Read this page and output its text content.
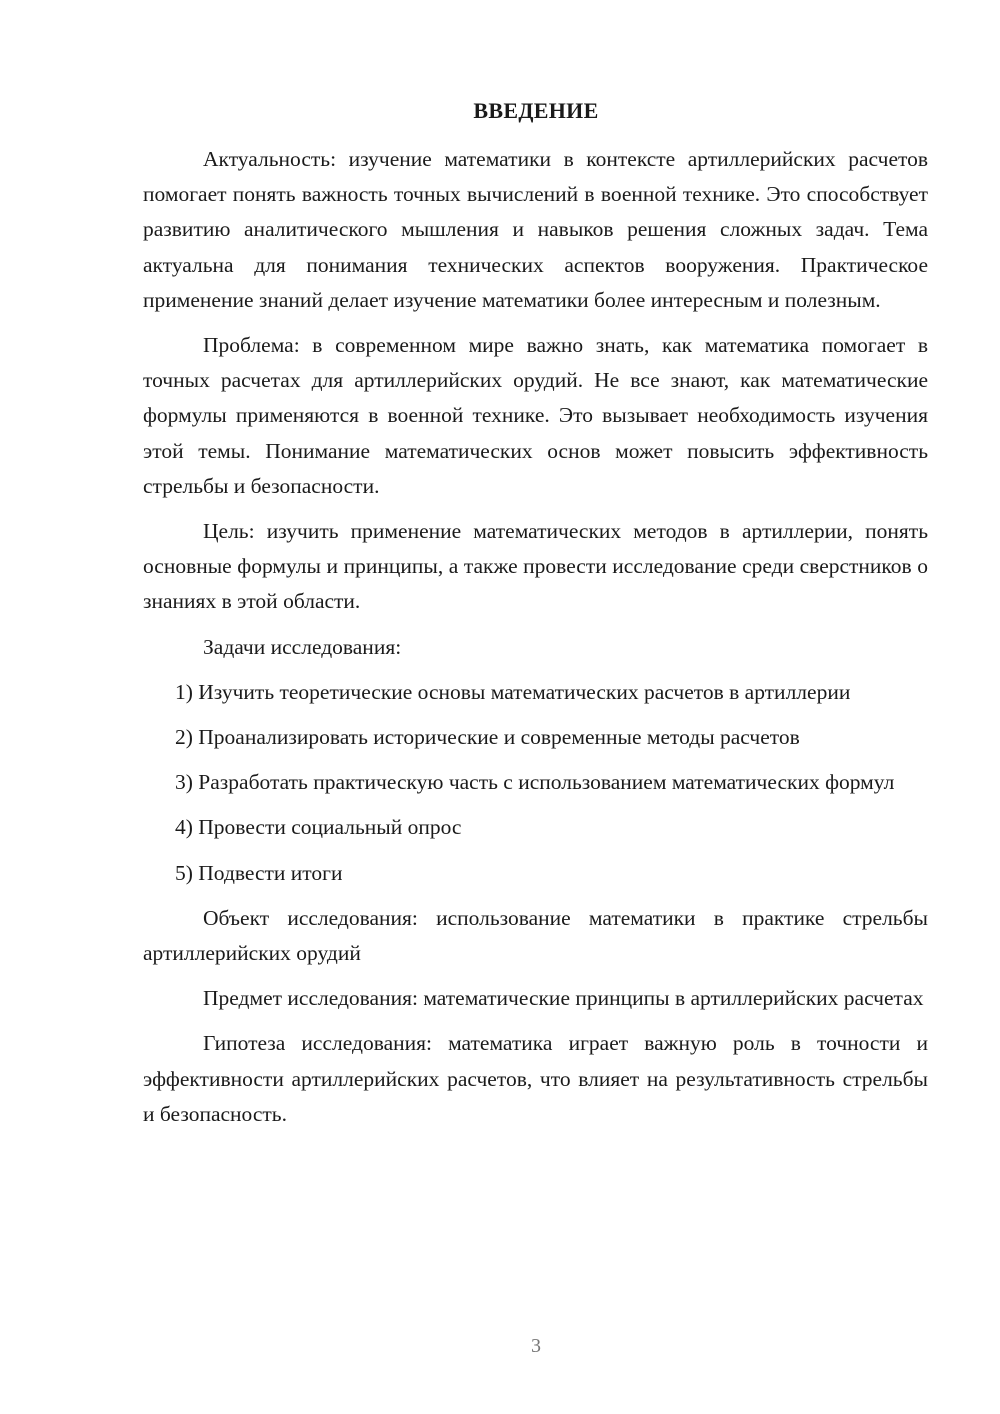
ВВЕДЕНИЕ

Актуальность: изучение математики в контексте артиллерийских расчетов помогает понять важность точных вычислений в военной технике. Это способствует развитию аналитического мышления и навыков решения сложных задач. Тема актуальна для понимания технических аспектов вооружения. Практическое применение знаний делает изучение математики более интересным и полезным.

Проблема: в современном мире важно знать, как математика помогает в точных расчетах для артиллерийских орудий. Не все знают, как математические формулы применяются в военной технике. Это вызывает необходимость изучения этой темы. Понимание математических основ может повысить эффективность стрельбы и безопасности.

Цель: изучить применение математических методов в артиллерии, понять основные формулы и принципы, а также провести исследование среди сверстников о знаниях в этой области.

Задачи исследования:

1) Изучить теоретические основы математических расчетов в артиллерии

2) Проанализировать исторические и современные методы расчетов

3) Разработать практическую часть с использованием математических формул

4) Провести социальный опрос

5) Подвести итоги

Объект исследования: использование математики в практике стрельбы артиллерийских орудий

Предмет исследования: математические принципы в артиллерийских расчетах

Гипотеза исследования: математика играет важную роль в точности и эффективности артиллерийских расчетов, что влияет на результативность стрельбы и безопасность.

3
